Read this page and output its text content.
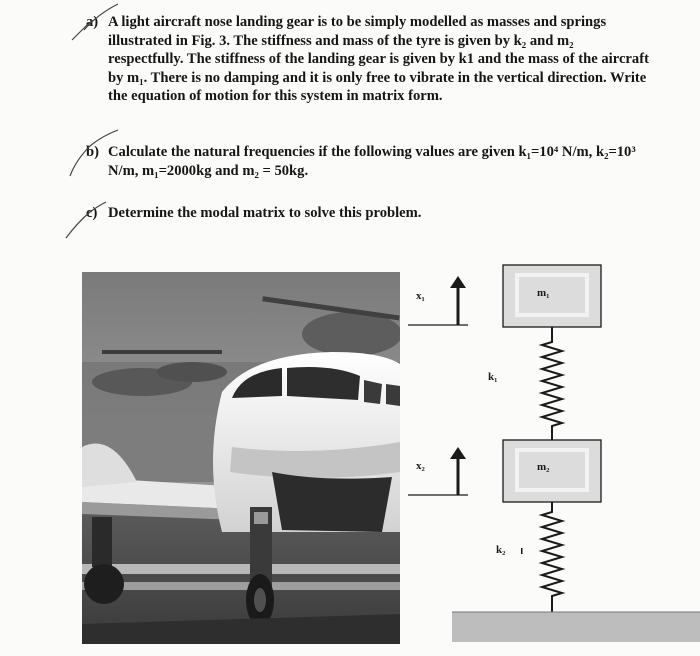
a) A light aircraft nose landing gear is to be simply modelled as masses and springs
illustrated in Fig. 3. The stiffness and mass of the tyre is given by k₂ and m₂
respectfully. The stiffness of the landing gear is given by k1 and the mass of the aircraft
by m₁. There is no damping and it is only free to vibrate in the vertical direction. Write
the equation of motion for this system in matrix form.
b) Calculate the natural frequencies if the following values are given k₁=10⁴ N/m, k₂=10³
N/m, m₁=2000kg and m₂ = 50kg.
c) Determine the modal matrix to solve this problem.
x₁	m₁
k₁
x₂	m₂
k₂
